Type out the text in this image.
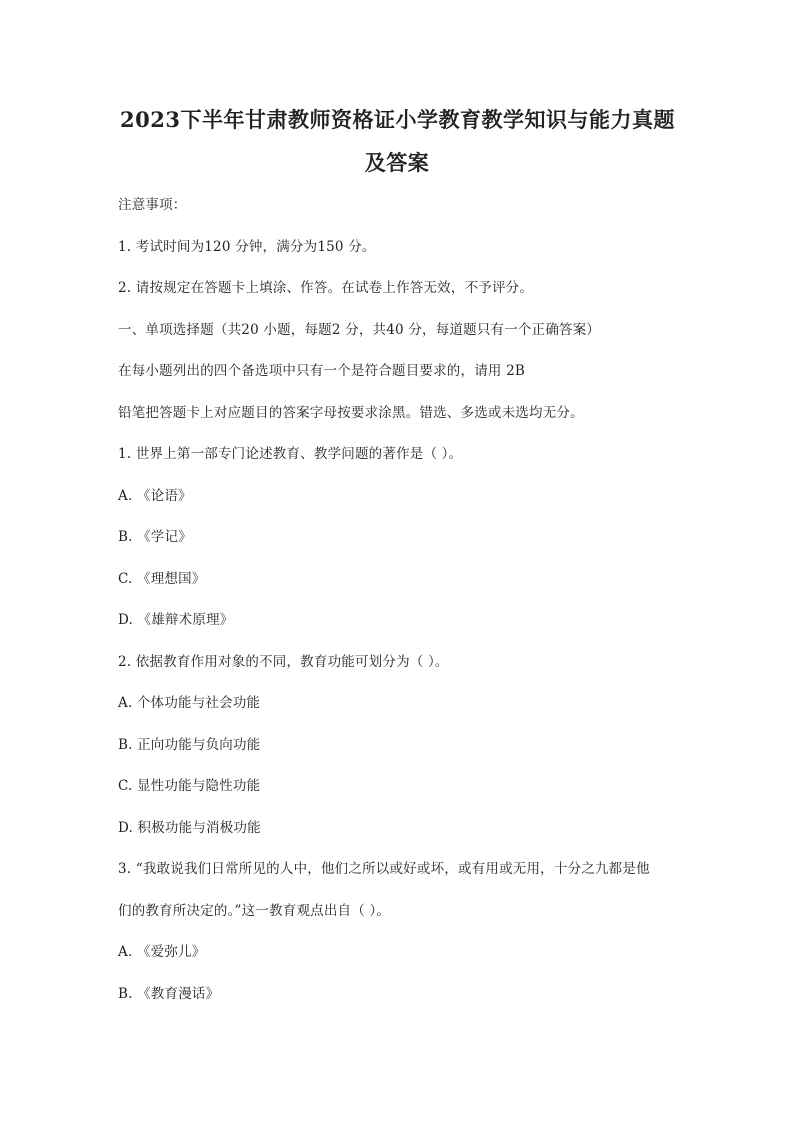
2023下半年甘肃教师资格证小学教育教学知识与能力真题
及答案
注意事项：
1. 考试时间为120 分钟，满分为150 分。
2. 请按规定在答题卡上填涂、作答。在试卷上作答无效，不予评分。
一、单项选择题（共20 小题，每题2 分，共40 分，每道题只有一个正确答案）
在每小题列出的四个备选项中只有一个是符合题目要求的，请用 2B
铅笔把答题卡上对应题目的答案字母按要求涂黑。错选、多选或未选均无分。
1. 世界上第一部专门论述教育、教学问题的著作是（ ）。
A. 《论语》
B. 《学记》
C. 《理想国》
D. 《雄辩术原理》
2. 依据教育作用对象的不同，教育功能可划分为（ ）。
A. 个体功能与社会功能
B. 正向功能与负向功能
C. 显性功能与隐性功能
D. 积极功能与消极功能
3. “我敢说我们日常所见的人中，他们之所以或好或坏，或有用或无用，十分之九都是他
们的教育所决定的。”这一教育观点出自（ ）。
A. 《爱弥儿》
B. 《教育漫话》
